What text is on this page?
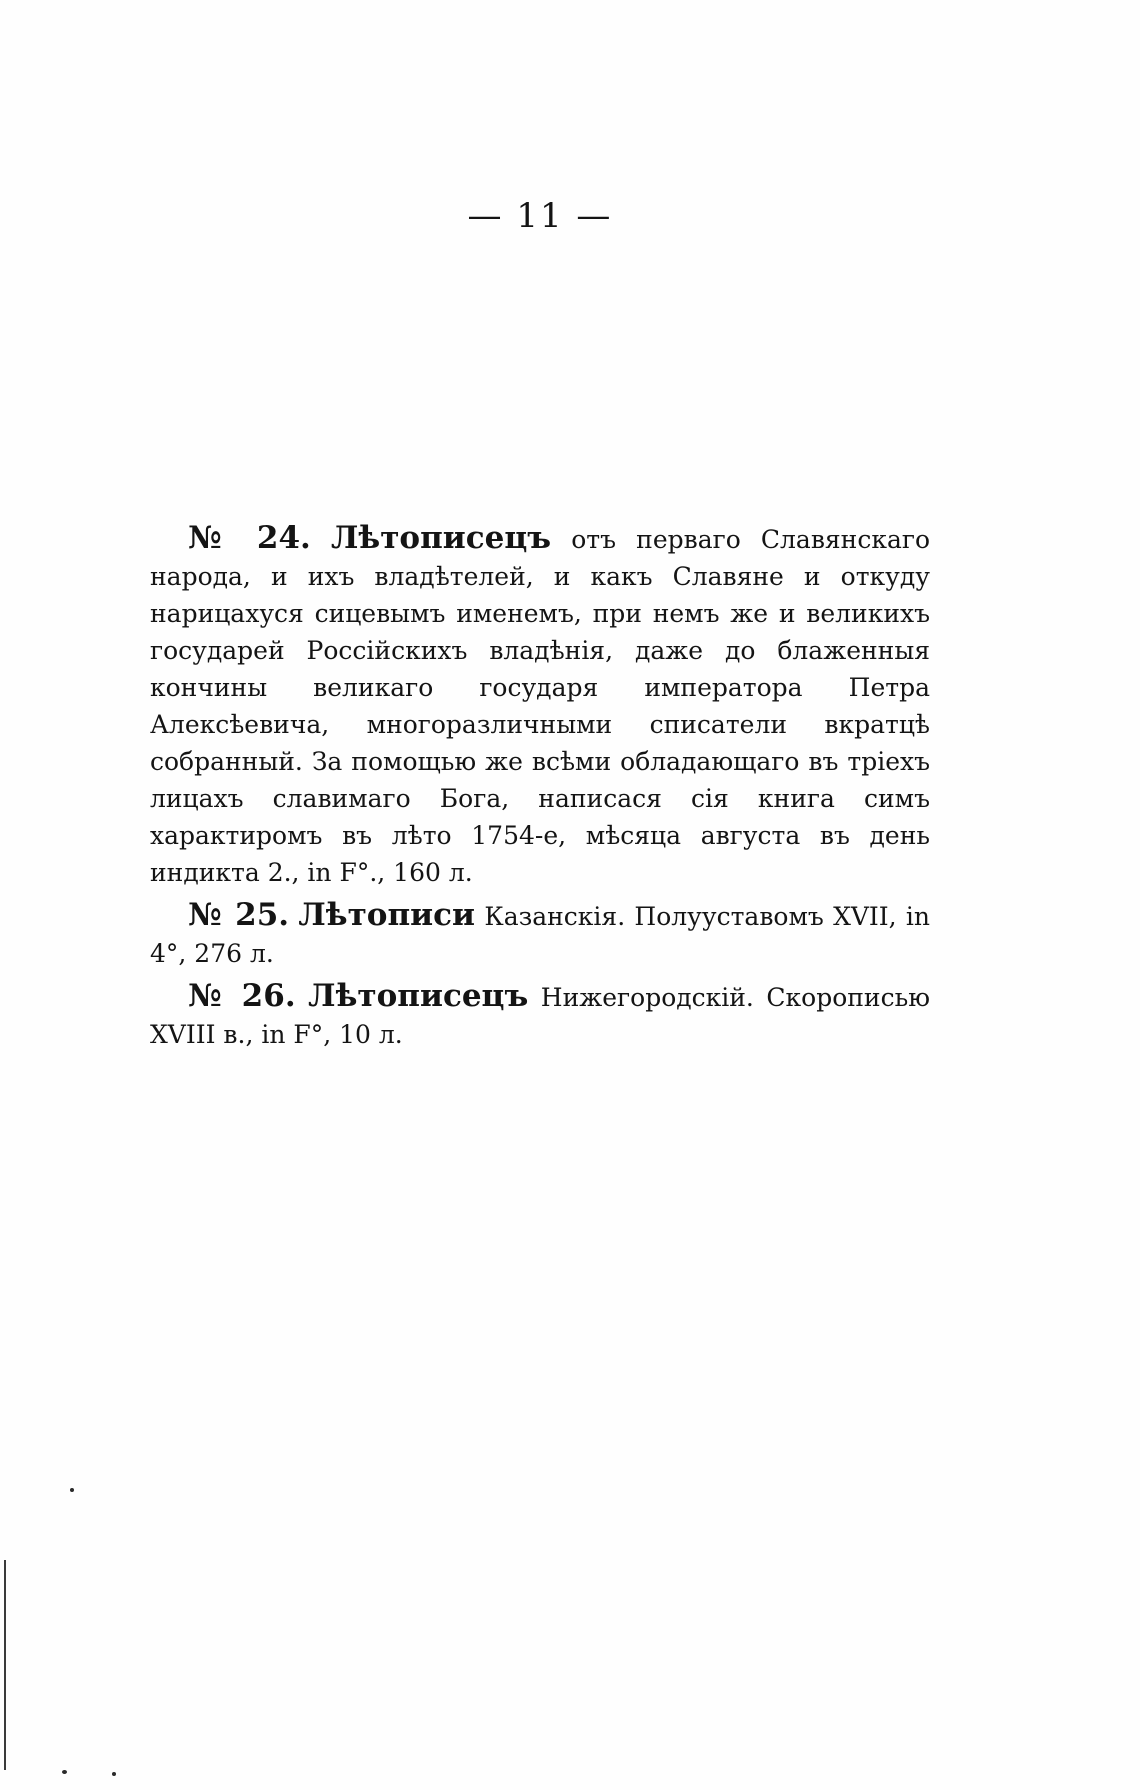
— 11 —

№ 24. Лѣтописецъ отъ перваго Славянскаго народа, и ихъ владѣтелей, и какъ Славяне и откуду нарицахуся сицевымъ именемъ, при немъ же и великихъ государей Россійскихъ владѣнія, даже до блаженныя кончины великаго государя императора Петра Алексѣевича, многоразличными списатели вкратцѣ собранный. За помощью же всѣми обладающаго въ тріехъ лицахъ славимаго Бога, написася сія книга симъ характиромъ въ лѣто 1754-е, мѣсяца августа въ день индикта 2., in F°., 160 л.

№ 25. Лѣтописи Казанскія. Полууставомъ XVII, in 4°, 276 л.

№ 26. Лѣтописецъ Нижегородскій. Скорописью XVIII в., in F°, 10 л.
